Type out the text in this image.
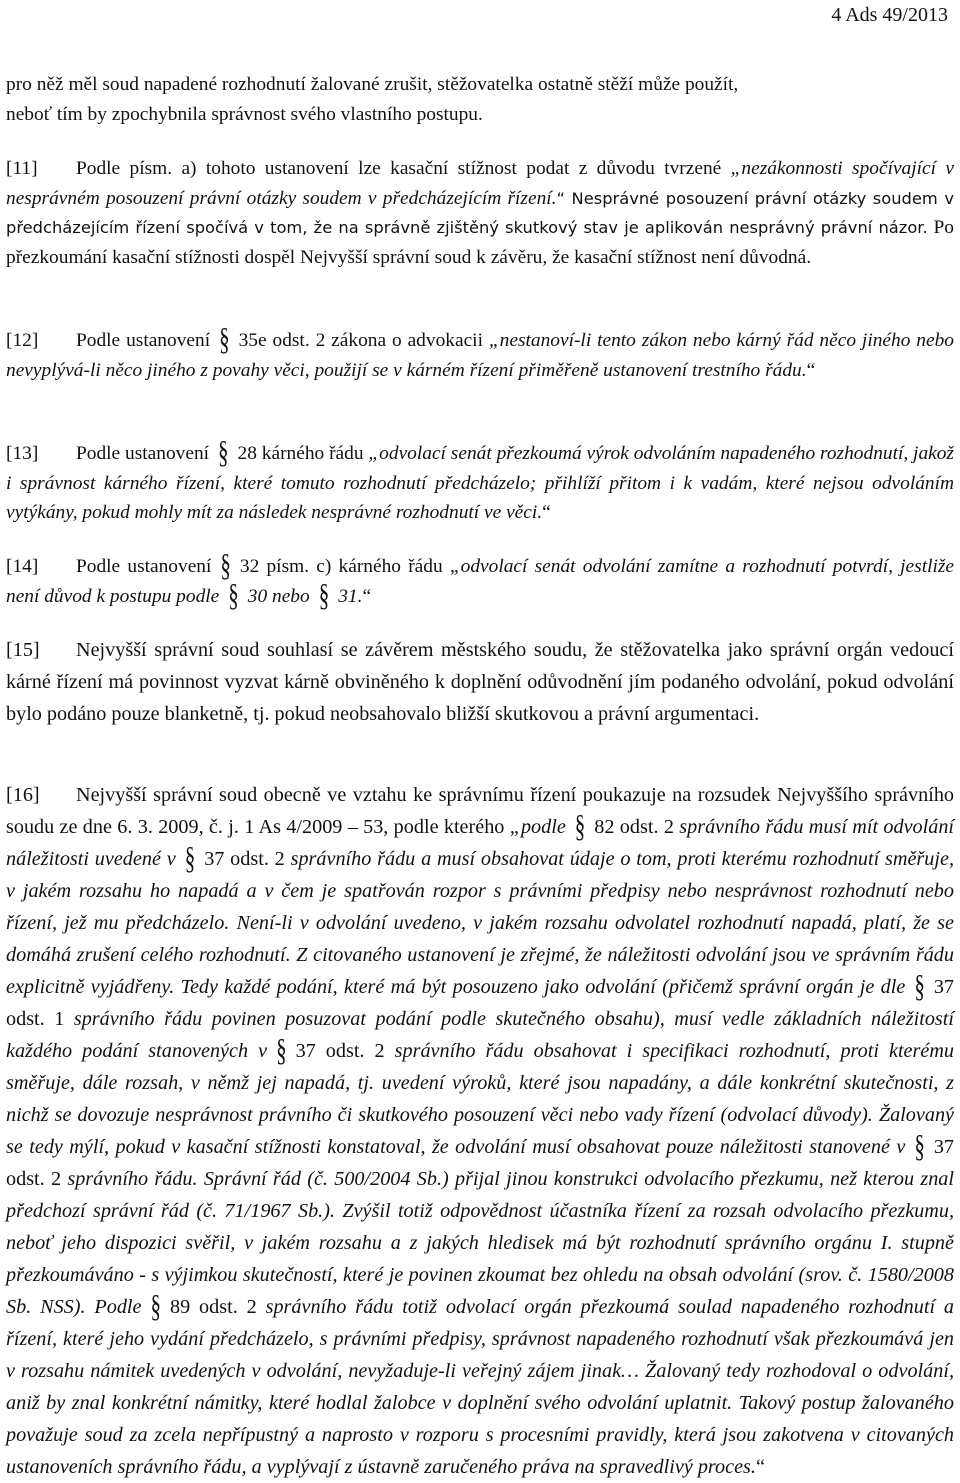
4 Ads 49/2013

pro něž měl soud napadené rozhodnutí žalované zrušit, stěžovatelka ostatně stěží může použít,
neboť tím by zpochybnila správnost svého vlastního postupu.

[11] Podle písm. a) tohoto ustanovení lze kasační stížnost podat z důvodu tvrzené „nezákonnosti spočívající v nesprávném posouzení právní otázky soudem v předcházejícím řízení.“ Nesprávné posouzení právní otázky soudem v předcházejícím řízení spočívá v tom, že na správně zjištěný skutkový stav je aplikován nesprávný právní názor. Po přezkoumání kasační stížnosti dospěl Nejvyšší správní soud k závěru, že kasační stížnost není důvodná.

[12] Podle ustanovení § 35e odst. 2 zákona o advokacii „nestanoví-li tento zákon nebo kárný řád něco jiného nebo nevyplývá-li něco jiného z povahy věci, použijí se v kárném řízení přiměřeně ustanovení trestního řádu.“

[13] Podle ustanovení § 28 kárného řádu „odvolací senát přezkoumá výrok odvoláním napadeného rozhodnutí, jakož i správnost kárného řízení, které tomuto rozhodnutí předcházelo; přihlíží přitom i k vadám, které nejsou odvoláním vytýkány, pokud mohly mít za následek nesprávné rozhodnutí ve věci.“

[14] Podle ustanovení § 32 písm. c) kárného řádu „odvolací senát odvolání zamítne a rozhodnutí potvrdí, jestliže není důvod k postupu podle § 30 nebo § 31.“

[15] Nejvyšší správní soud souhlasí se závěrem městského soudu, že stěžovatelka jako správní orgán vedoucí kárné řízení má povinnost vyzvat kárně obviněného k doplnění odůvodnění jím podaného odvolání, pokud odvolání bylo podáno pouze blanketně, tj. pokud neobsahovalo bližší skutkovou a právní argumentaci.

[16] Nejvyšší správní soud obecně ve vztahu ke správnímu řízení poukazuje na rozsudek Nejvyššího správního soudu ze dne 6. 3. 2009, č. j. 1 As 4/2009 – 53, podle kterého „podle § 82 odst. 2 správního řádu musí mít odvolání náležitosti uvedené v § 37 odst. 2 správního řádu a musí obsahovat údaje o tom, proti kterému rozhodnutí směřuje, v jakém rozsahu ho napadá a v čem je spatřován rozpor s právními předpisy nebo nesprávnost rozhodnutí nebo řízení, jež mu předcházelo. Není-li v odvolání uvedeno, v jakém rozsahu odvolatel rozhodnutí napadá, platí, že se domáhá zrušení celého rozhodnutí. Z citovaného ustanovení je zřejmé, že náležitosti odvolání jsou ve správním řádu explicitně vyjádřeny. Tedy každé podání, které má být posouzeno jako odvolání (přičemž správní orgán je dle § 37 odst. 1 správního řádu povinen posuzovat podání podle skutečného obsahu), musí vedle základních náležitostí každého podání stanovených v § 37 odst. 2 správního řádu obsahovat i specifikaci rozhodnutí, proti kterému směřuje, dále rozsah, v němž jej napadá, tj. uvedení výroků, které jsou napadány, a dále konkrétní skutečnosti, z nichž se dovozuje nesprávnost právního či skutkového posouzení věci nebo vady řízení (odvolací důvody). Žalovaný se tedy mýlí, pokud v kasační stížnosti konstatoval, že odvolání musí obsahovat pouze náležitosti stanovené v § 37 odst. 2 správního řádu. Správní řád (č. 500/2004 Sb.) přijal jinou konstrukci odvolacího přezkumu, než kterou znal předchozí správní řád (č. 71/1967 Sb.). Zvýšil totiž odpovědnost účastníka řízení za rozsah odvolacího přezkumu, neboť jeho dispozici svěřil, v jakém rozsahu a z jakých hledisek má být rozhodnutí správního orgánu I. stupně přezkoumáváno - s výjimkou skutečností, které je povinen zkoumat bez ohledu na obsah odvolání (srov. č. 1580/2008 Sb. NSS). Podle § 89 odst. 2 správního řádu totiž odvolací orgán přezkoumá soulad napadeného rozhodnutí a řízení, které jeho vydání předcházelo, s právními předpisy, správnost napadeného rozhodnutí však přezkoumává jen v rozsahu námitek uvedených v odvolání, nevyžaduje-li veřejný zájem jinak… Žalovaný tedy rozhodoval o odvolání, aniž by znal konkrétní námitky, které hodlal žalobce v doplnění svého odvolání uplatnit. Takový postup žalovaného považuje soud za zcela nepřípustný a naprosto v rozporu s procesními pravidly, která jsou zakotvena v citovaných ustanoveních správního řádu, a vyplývají z ústavně zaručeného práva na spravedlivý proces.“
